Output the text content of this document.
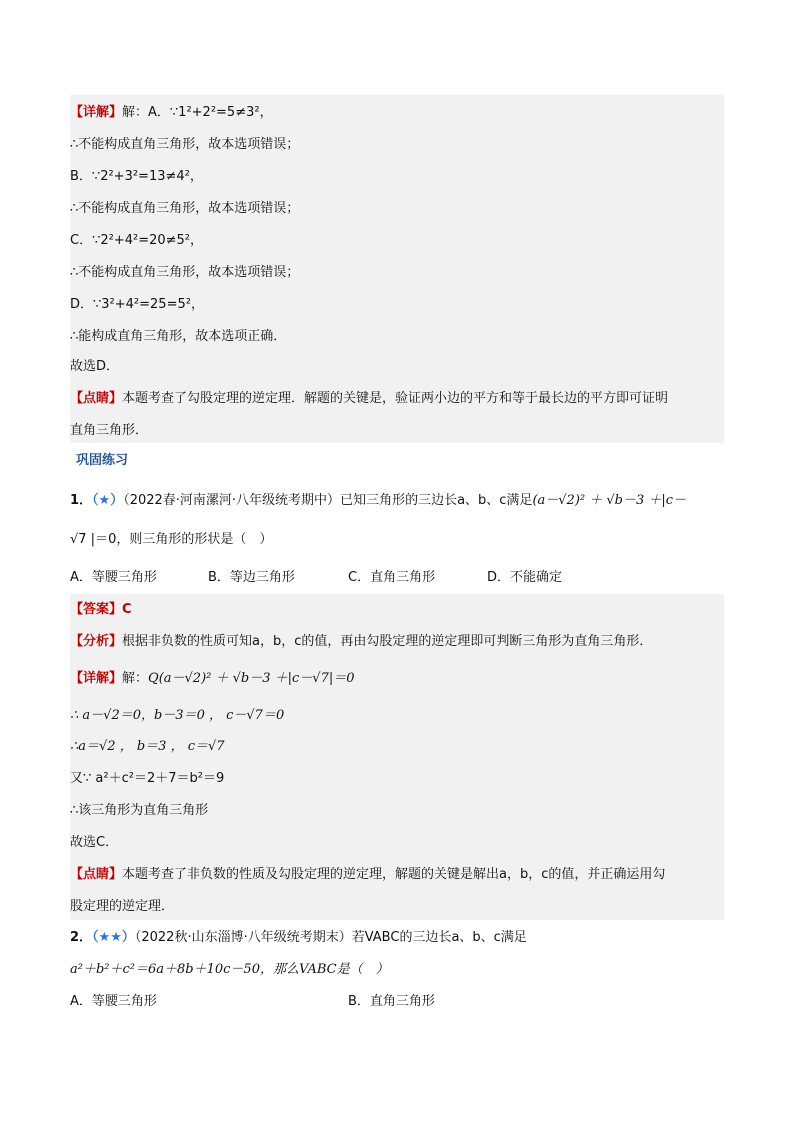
【详解】解：A．∵1²+2²=5≠3²，
∴不能构成直角三角形，故本选项错误；
B．∵2²+3²=13≠4²，
∴不能构成直角三角形，故本选项错误；
C．∵2²+4²=20≠5²，
∴不能构成直角三角形，故本选项错误；
D．∵3²+4²=25=5²，
∴能构成直角三角形，故本选项正确．
故选D．
【点睛】本题考查了勾股定理的逆定理．解题的关键是，验证两小边的平方和等于最长边的平方即可证明
直角三角形．
巩固练习
1．（★）（2022春·河南漯河·八年级统考期中）已知三角形的三边长a、b、c满足(a－√2)² ＋ √b－3 ＋|c－
√7 |＝0，则三角形的形状是（　）
A．等腰三角形	B．等边三角形	C．直角三角形	D．不能确定
【答案】C
【分析】根据非负数的性质可知a，b，c的值，再由勾股定理的逆定理即可判断三角形为直角三角形．
【详解】解：Q(a－√2)² ＋ √b－3 ＋|c－√7|＝0
∴ a－√2＝0，b－3＝0 ， c－√7＝0
∴a＝√2 ， b＝3 ， c＝√7
又∵ a²＋c²＝2＋7＝b²＝9
∴该三角形为直角三角形
故选C．
【点睛】本题考查了非负数的性质及勾股定理的逆定理，解题的关键是解出a，b，c的值，并正确运用勾
股定理的逆定理．
2．（★★）（2022秋·山东淄博·八年级统考期末）若VABC的三边长a、b、c满足
a²＋b²＋c²＝6a＋8b＋10c－50，那么VABC是（　）
A．等腰三角形	B．直角三角形
